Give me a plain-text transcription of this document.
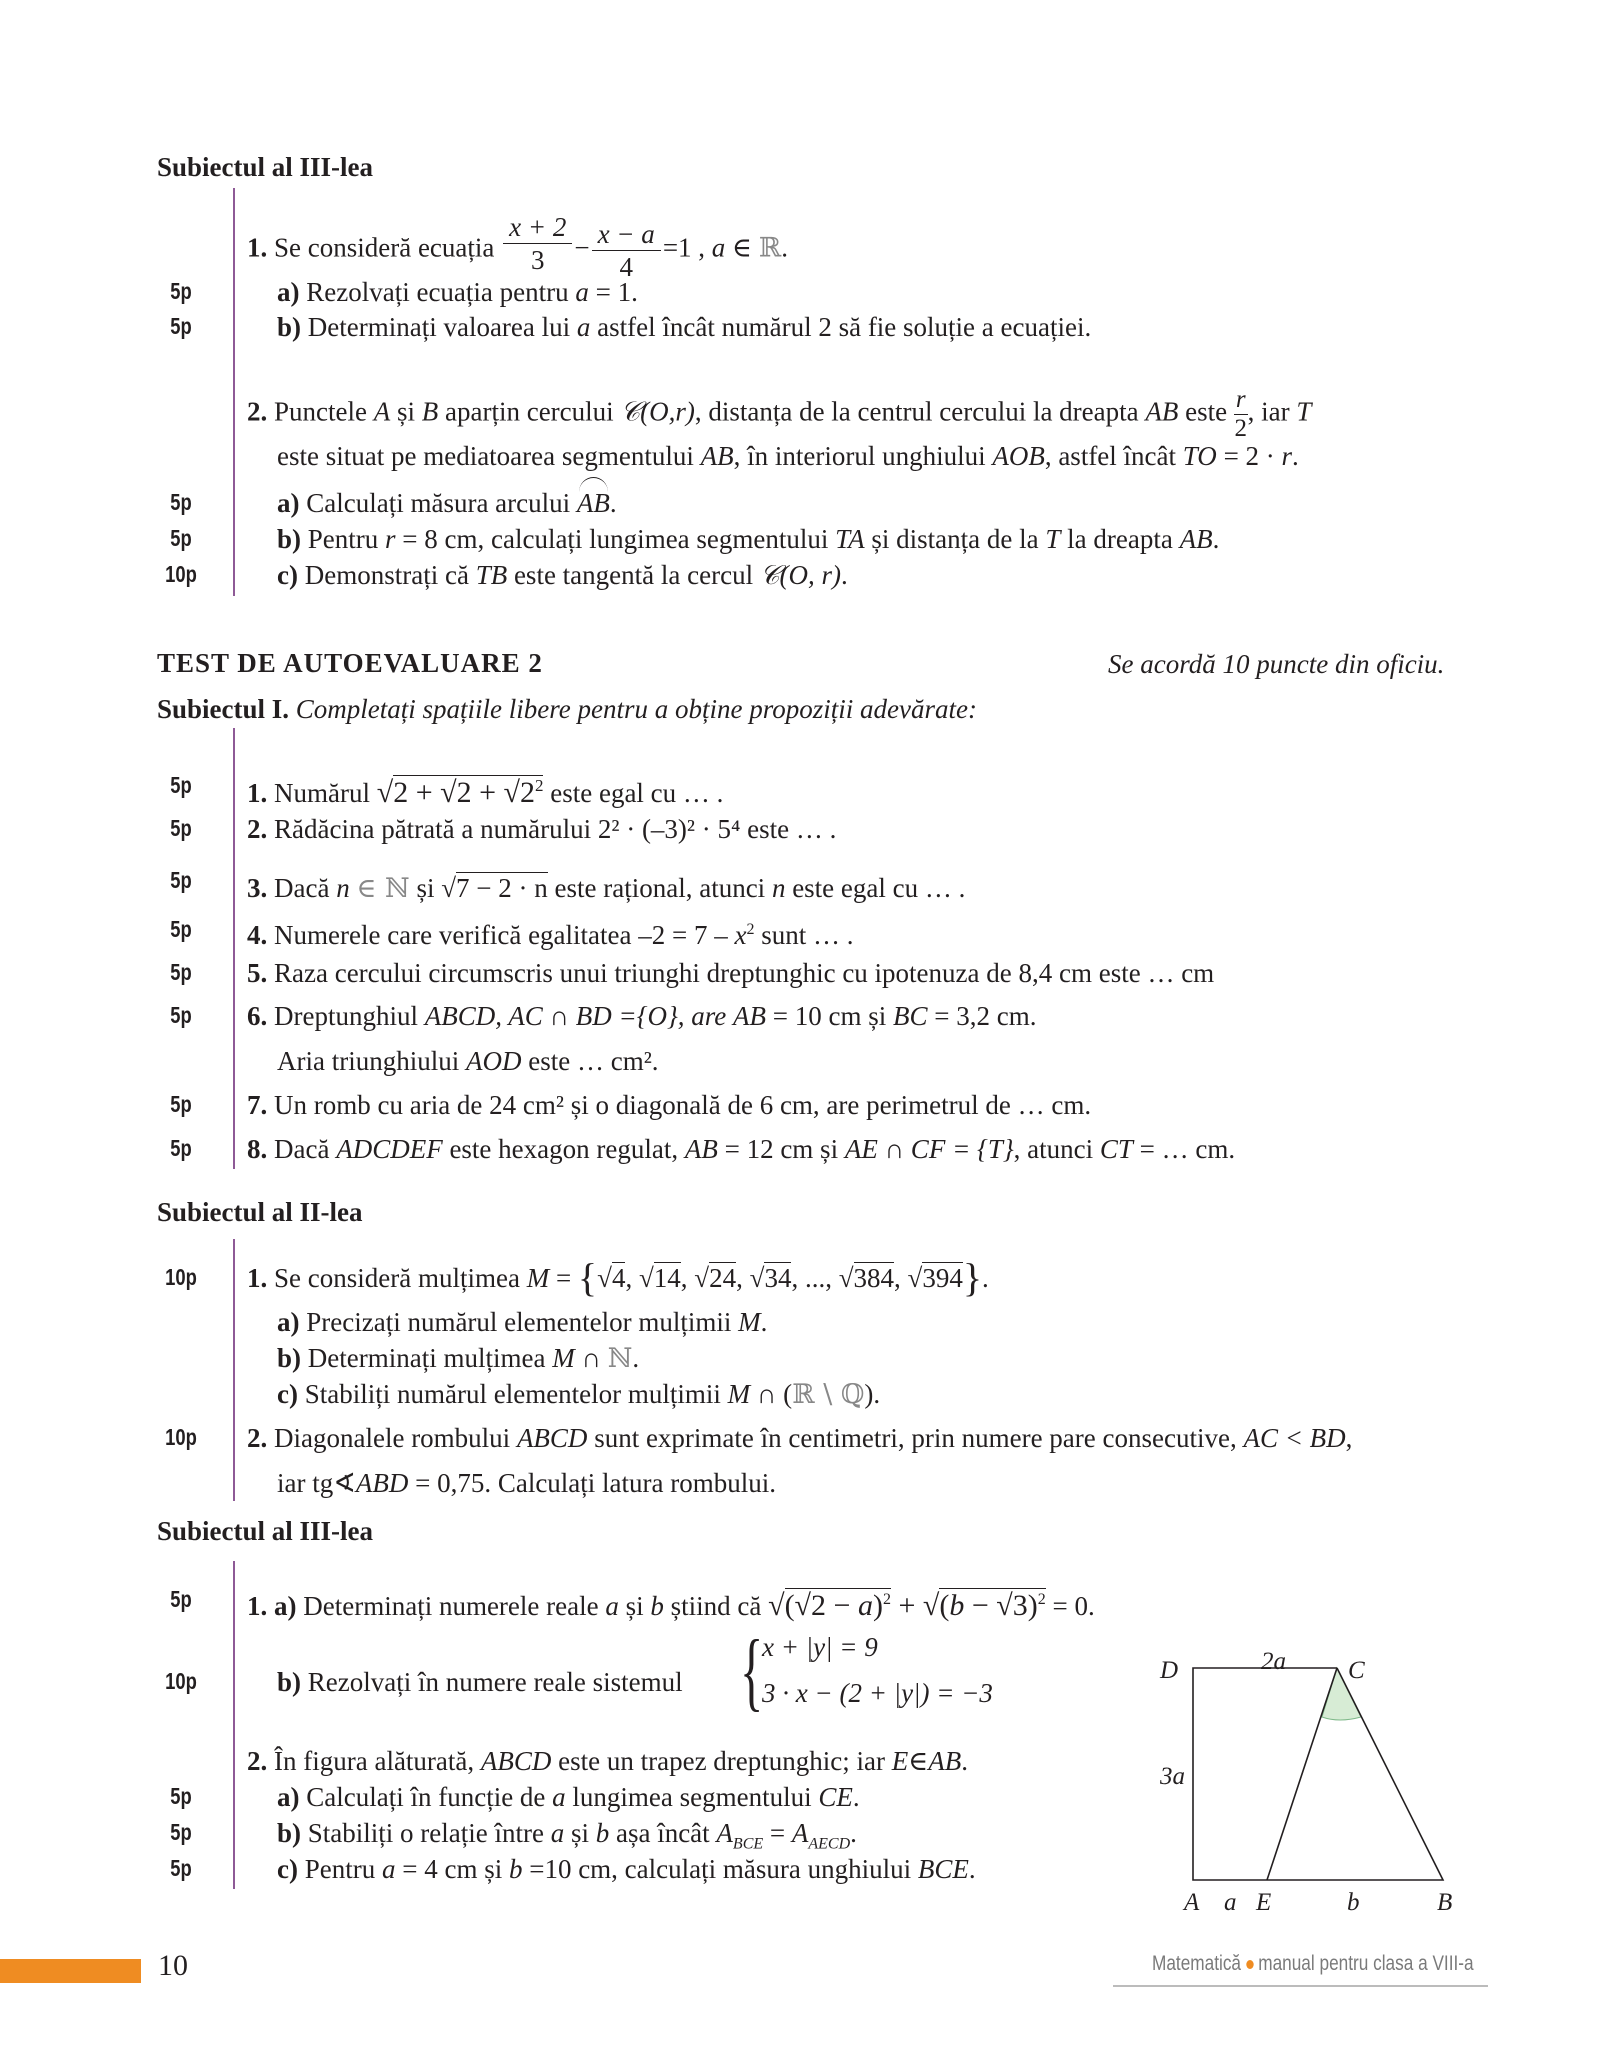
Subiectul al III-lea
1. Se consideră ecuația $\frac{x + 2}{3} - \frac{x - a}{4} =1$ , a ∈ ℝ.
5p	a) Rezolvați ecuația pentru a = 1.
5p	b) Determinați valoarea lui a astfel încât numărul 2 să fie soluție a ecuației.
2. Punctele A și B aparțin cercului 𝒞(O,r), distanța de la centrul cercului la dreapta AB este $\frac{r}{2}$ , iar T
este situat pe mediatoarea segmentului AB, în interiorul unghiului AOB, astfel încât TO = 2 · r.
5p	a) Calculați măsura arcului AB.
5p	b) Pentru r = 8 cm, calculați lungimea segmentului TA și distanța de la T la dreapta AB.
10p	c) Demonstrați că TB este tangentă la cercul 𝒞(O, r).
TEST DE AUTOEVALUARE 2	Se acordă 10 puncte din oficiu.
Subiectul I. Completați spațiile libere pentru a obține propoziții adevărate:
5p	1. Numărul $√2 + √2 + √2^2$ este egal cu … .
5p	2. Rădăcina pătrată a numărului 2² · (–3)² · 5⁴ este … .
5p	3. Dacă n ∈ ℕ și √7 − 2 · n este rațional, atunci n este egal cu … .
5p	4. Numerele care verifică egalitatea $-2 = 7 - x^2$ sunt … .
5p	5. Raza cercului circumscris unui triunghi dreptunghic cu ipotenuza de 8,4 cm este … cm
5p	6. Dreptunghiul ABCD, AC ∩ BD ={O}, are AB = 10 cm și BC = 3,2 cm.
Aria triunghiului AOD este … cm².
5p	7. Un romb cu aria de 24 cm² și o diagonală de 6 cm, are perimetrul de … cm.
5p	8. Dacă ADCDEF este hexagon regulat, AB = 12 cm și AE ∩ CF = {T}, atunci CT = … cm.
Subiectul al II-lea
10p	1. Se consideră mulțimea M = {√4, √14, √24, √34, ..., √384, √394}.
a) Precizați numărul elementelor mulțimii M.
b) Determinați mulțimea M ∩ ℕ.
c) Stabiliți numărul elementelor mulțimii M ∩ (ℝ \ ℚ).
10p	2. Diagonalele rombului ABCD sunt exprimate în centimetri, prin numere pare consecutive, AC < BD,
iar tg∢ABD = 0,75. Calculați latura rombului.
Subiectul al III-lea
5p	1. a) Determinați numerele reale a și b știind că $√(√2 - a)^2 + √(b - √3)^2 = 0$.
10p	b) Rezolvați în numere reale sistemul {
x + |y| = 9
3 · x − (2 + |y|) = −3
2. În figura alăturată, ABCD este un trapez dreptunghic; iar E∈AB.
5p	a) Calculați în funcție de a lungimea segmentului CE.
5p	b) Stabiliți o relație între a și b așa încât $A_{BCE} = A_{AECD}$.
5p	c) Pentru a = 4 cm și b =10 cm, calculați măsura unghiului BCE.
D	2a C
3a
A a E	b	B
10	Matematică manual pentru clasa a VIII-a
